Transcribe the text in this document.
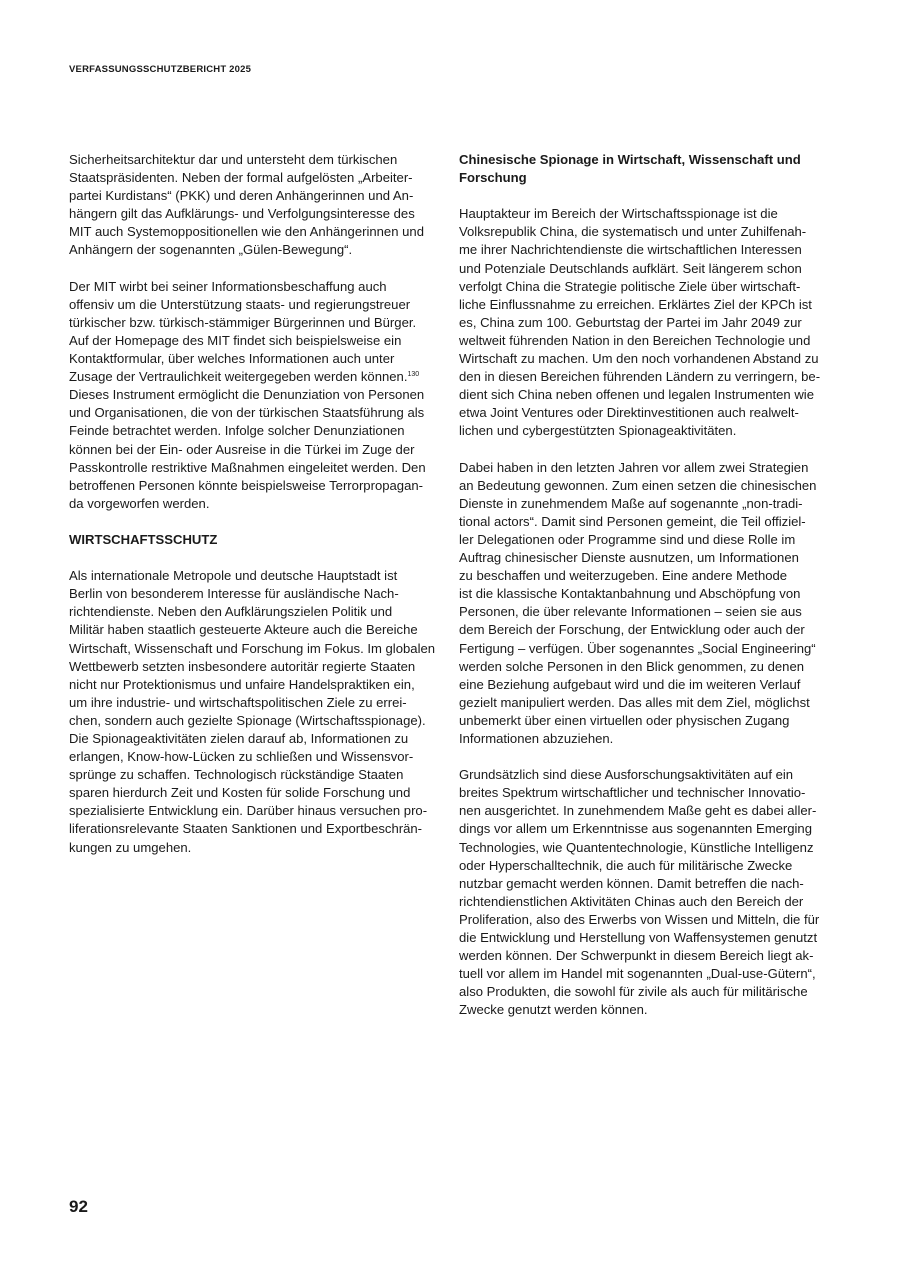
VERFASSUNGSSCHUTZBERICHT 2025
Sicherheitsarchitektur dar und untersteht dem türkischen
Staatspräsidenten. Neben der formal aufgelösten „Arbeiter-
partei Kurdistans“ (PKK) und deren Anhängerinnen und An-
hängern gilt das Aufklärungs- und Verfolgungsinteresse des
MIT auch Systemoppositionellen wie den Anhängerinnen und
Anhängern der sogenannten „Gülen-Bewegung“.
Der MIT wirbt bei seiner Informationsbeschaffung auch
offensiv um die Unterstützung staats- und regierungstreuer
türkischer bzw. türkisch-stämmiger Bürgerinnen und Bürger.
Auf der Homepage des MIT findet sich beispielsweise ein
Kontaktformular, über welches Informationen auch unter
Zusage der Vertraulichkeit weitergegeben werden können.$^{130}$
Dieses Instrument ermöglicht die Denunziation von Personen
und Organisationen, die von der türkischen Staatsführung als
Feinde betrachtet werden. Infolge solcher Denunziationen
können bei der Ein- oder Ausreise in die Türkei im Zuge der
Passkontrolle restriktive Maßnahmen eingeleitet werden. Den
betroffenen Personen könnte beispielsweise Terrorpropagan-
da vorgeworfen werden.
WIRTSCHAFTSSCHUTZ
Als internationale Metropole und deutsche Hauptstadt ist
Berlin von besonderem Interesse für ausländische Nach-
richtendienste. Neben den Aufklärungszielen Politik und
Militär haben staatlich gesteuerte Akteure auch die Bereiche
Wirtschaft, Wissenschaft und Forschung im Fokus. Im globalen
Wettbewerb setzten insbesondere autoritär regierte Staaten
nicht nur Protektionismus und unfaire Handelspraktiken ein,
um ihre industrie- und wirtschaftspolitischen Ziele zu errei-
chen, sondern auch gezielte Spionage (Wirtschaftsspionage).
Die Spionageaktivitäten zielen darauf ab, Informationen zu
erlangen, Know-how-Lücken zu schließen und Wissensvor-
sprünge zu schaffen. Technologisch rückständige Staaten
sparen hierdurch Zeit und Kosten für solide Forschung und
spezialisierte Entwicklung ein. Darüber hinaus versuchen pro-
liferationsrelevante Staaten Sanktionen und Exportbeschrän-
kungen zu umgehen.
Chinesische Spionage in Wirtschaft, Wissenschaft und
Forschung
Hauptakteur im Bereich der Wirtschaftsspionage ist die
Volksrepublik China, die systematisch und unter Zuhilfenah-
me ihrer Nachrichtendienste die wirtschaftlichen Interessen
und Potenziale Deutschlands aufklärt. Seit längerem schon
verfolgt China die Strategie politische Ziele über wirtschaft-
liche Einflussnahme zu erreichen. Erklärtes Ziel der KPCh ist
es, China zum 100. Geburtstag der Partei im Jahr 2049 zur
weltweit führenden Nation in den Bereichen Technologie und
Wirtschaft zu machen. Um den noch vorhandenen Abstand zu
den in diesen Bereichen führenden Ländern zu verringern, be-
dient sich China neben offenen und legalen Instrumenten wie
etwa Joint Ventures oder Direktinvestitionen auch realwelt-
lichen und cybergestützten Spionageaktivitäten.
Dabei haben in den letzten Jahren vor allem zwei Strategien
an Bedeutung gewonnen. Zum einen setzen die chinesischen
Dienste in zunehmendem Maße auf sogenannte „non-tradi-
tional actors“. Damit sind Personen gemeint, die Teil offiziel-
ler Delegationen oder Programme sind und diese Rolle im
Auftrag chinesischer Dienste ausnutzen, um Informationen
zu beschaffen und weiterzugeben. Eine andere Methode
ist die klassische Kontaktanbahnung und Abschöpfung von
Personen, die über relevante Informationen – seien sie aus
dem Bereich der Forschung, der Entwicklung oder auch der
Fertigung – verfügen. Über sogenanntes „Social Engineering“
werden solche Personen in den Blick genommen, zu denen
eine Beziehung aufgebaut wird und die im weiteren Verlauf
gezielt manipuliert werden. Das alles mit dem Ziel, möglichst
unbemerkt über einen virtuellen oder physischen Zugang
Informationen abzuziehen.
Grundsätzlich sind diese Ausforschungsaktivitäten auf ein
breites Spektrum wirtschaftlicher und technischer Innovatio-
nen ausgerichtet. In zunehmendem Maße geht es dabei aller-
dings vor allem um Erkenntnisse aus sogenannten Emerging
Technologies, wie Quantentechnologie, Künstliche Intelligenz
oder Hyperschalltechnik, die auch für militärische Zwecke
nutzbar gemacht werden können. Damit betreffen die nach-
richtendienstlichen Aktivitäten Chinas auch den Bereich der
Proliferation, also des Erwerbs von Wissen und Mitteln, die für
die Entwicklung und Herstellung von Waffensystemen genutzt
werden können. Der Schwerpunkt in diesem Bereich liegt ak-
tuell vor allem im Handel mit sogenannten „Dual-use-Gütern“,
also Produkten, die sowohl für zivile als auch für militärische
Zwecke genutzt werden können.
92
